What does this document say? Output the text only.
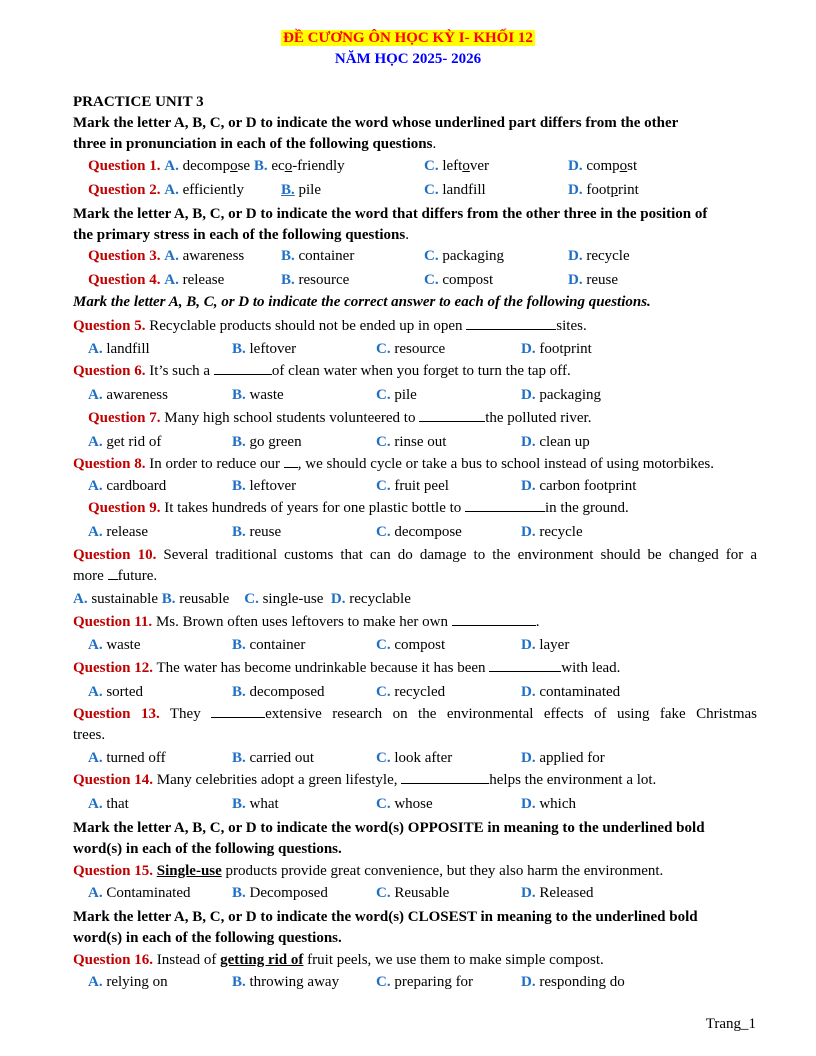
ĐỀ CƯƠNG ÔN HỌC KỲ I- KHỐI 12
NĂM HỌC 2025- 2026
PRACTICE UNIT 3
Mark the letter A, B, C, or D to indicate the word whose underlined part differs from the other
three in pronunciation in each of the following questions.
Question 1. A. decompose B. eco-friendly	C. leftover	D. compost
Question 2. A. efficiently B. pile	C. landfill	D. footprint
Mark the letter A, B, C, or D to indicate the word that differs from the other three in the position of
the primary stress in each of the following questions.
Question 3. A. awareness B. container	C. packaging	D. recycle
Question 4. A. release	B. resource	C. compost	D. reuse
Mark the letter A, B, C, or D to indicate the correct answer to each of the following questions.
Question 5. Recyclable products should not be ended up in open	sites.
A. landfill	B. leftover	C. resource	D. footprint
Question 6. It’s such a	of clean water when you forget to turn the tap off.
A. awareness	B. waste	C. pile	D. packaging
Question 7. Many high school students volunteered to	the polluted river.
A. get rid of	B. go green	C. rinse out	D. clean up
Question 8. In order to reduce our , we should cycle or take a bus to school instead of using motorbikes.
A. cardboard	B. leftover	C. fruit peel	D. carbon footprint
Question 9. It takes hundreds of years for one plastic bottle to	in the ground.
A. release	B. reuse	C. decompose	D. recycle
Question 10. Several traditional customs that can do damage to the environment should be changed for a
more future.
A. sustainable B. reusable C. single-use D. recyclable
Question 11. Ms. Brown often uses leftovers to make her own	.
A. waste	B. container	C. compost	D. layer
Question 12. The water has become undrinkable because it has been	with lead.
A. sorted	B. decomposed	C. recycled	D. contaminated
Question 13. They	extensive research on the environmental effects of using fake Christmas
trees.
A. turned off	B. carried out	C. look after	D. applied for
Question 14. Many celebrities adopt a green lifestyle,	helps the environment a lot.
A. that	B. what	C. whose	D. which
Mark the letter A, B, C, or D to indicate the word(s) OPPOSITE in meaning to the underlined bold
word(s) in each of the following questions.
Question 15. Single-use products provide great convenience, but they also harm the environment.
A. Contaminated	B. Decomposed	C. Reusable	D. Released
Mark the letter A, B, C, or D to indicate the word(s) CLOSEST in meaning to the underlined bold
word(s) in each of the following questions.
Question 16. Instead of getting rid of fruit peels, we use them to make simple compost.
A. relying on	B. throwing away C. preparing for	D. responding do
Trang_1
